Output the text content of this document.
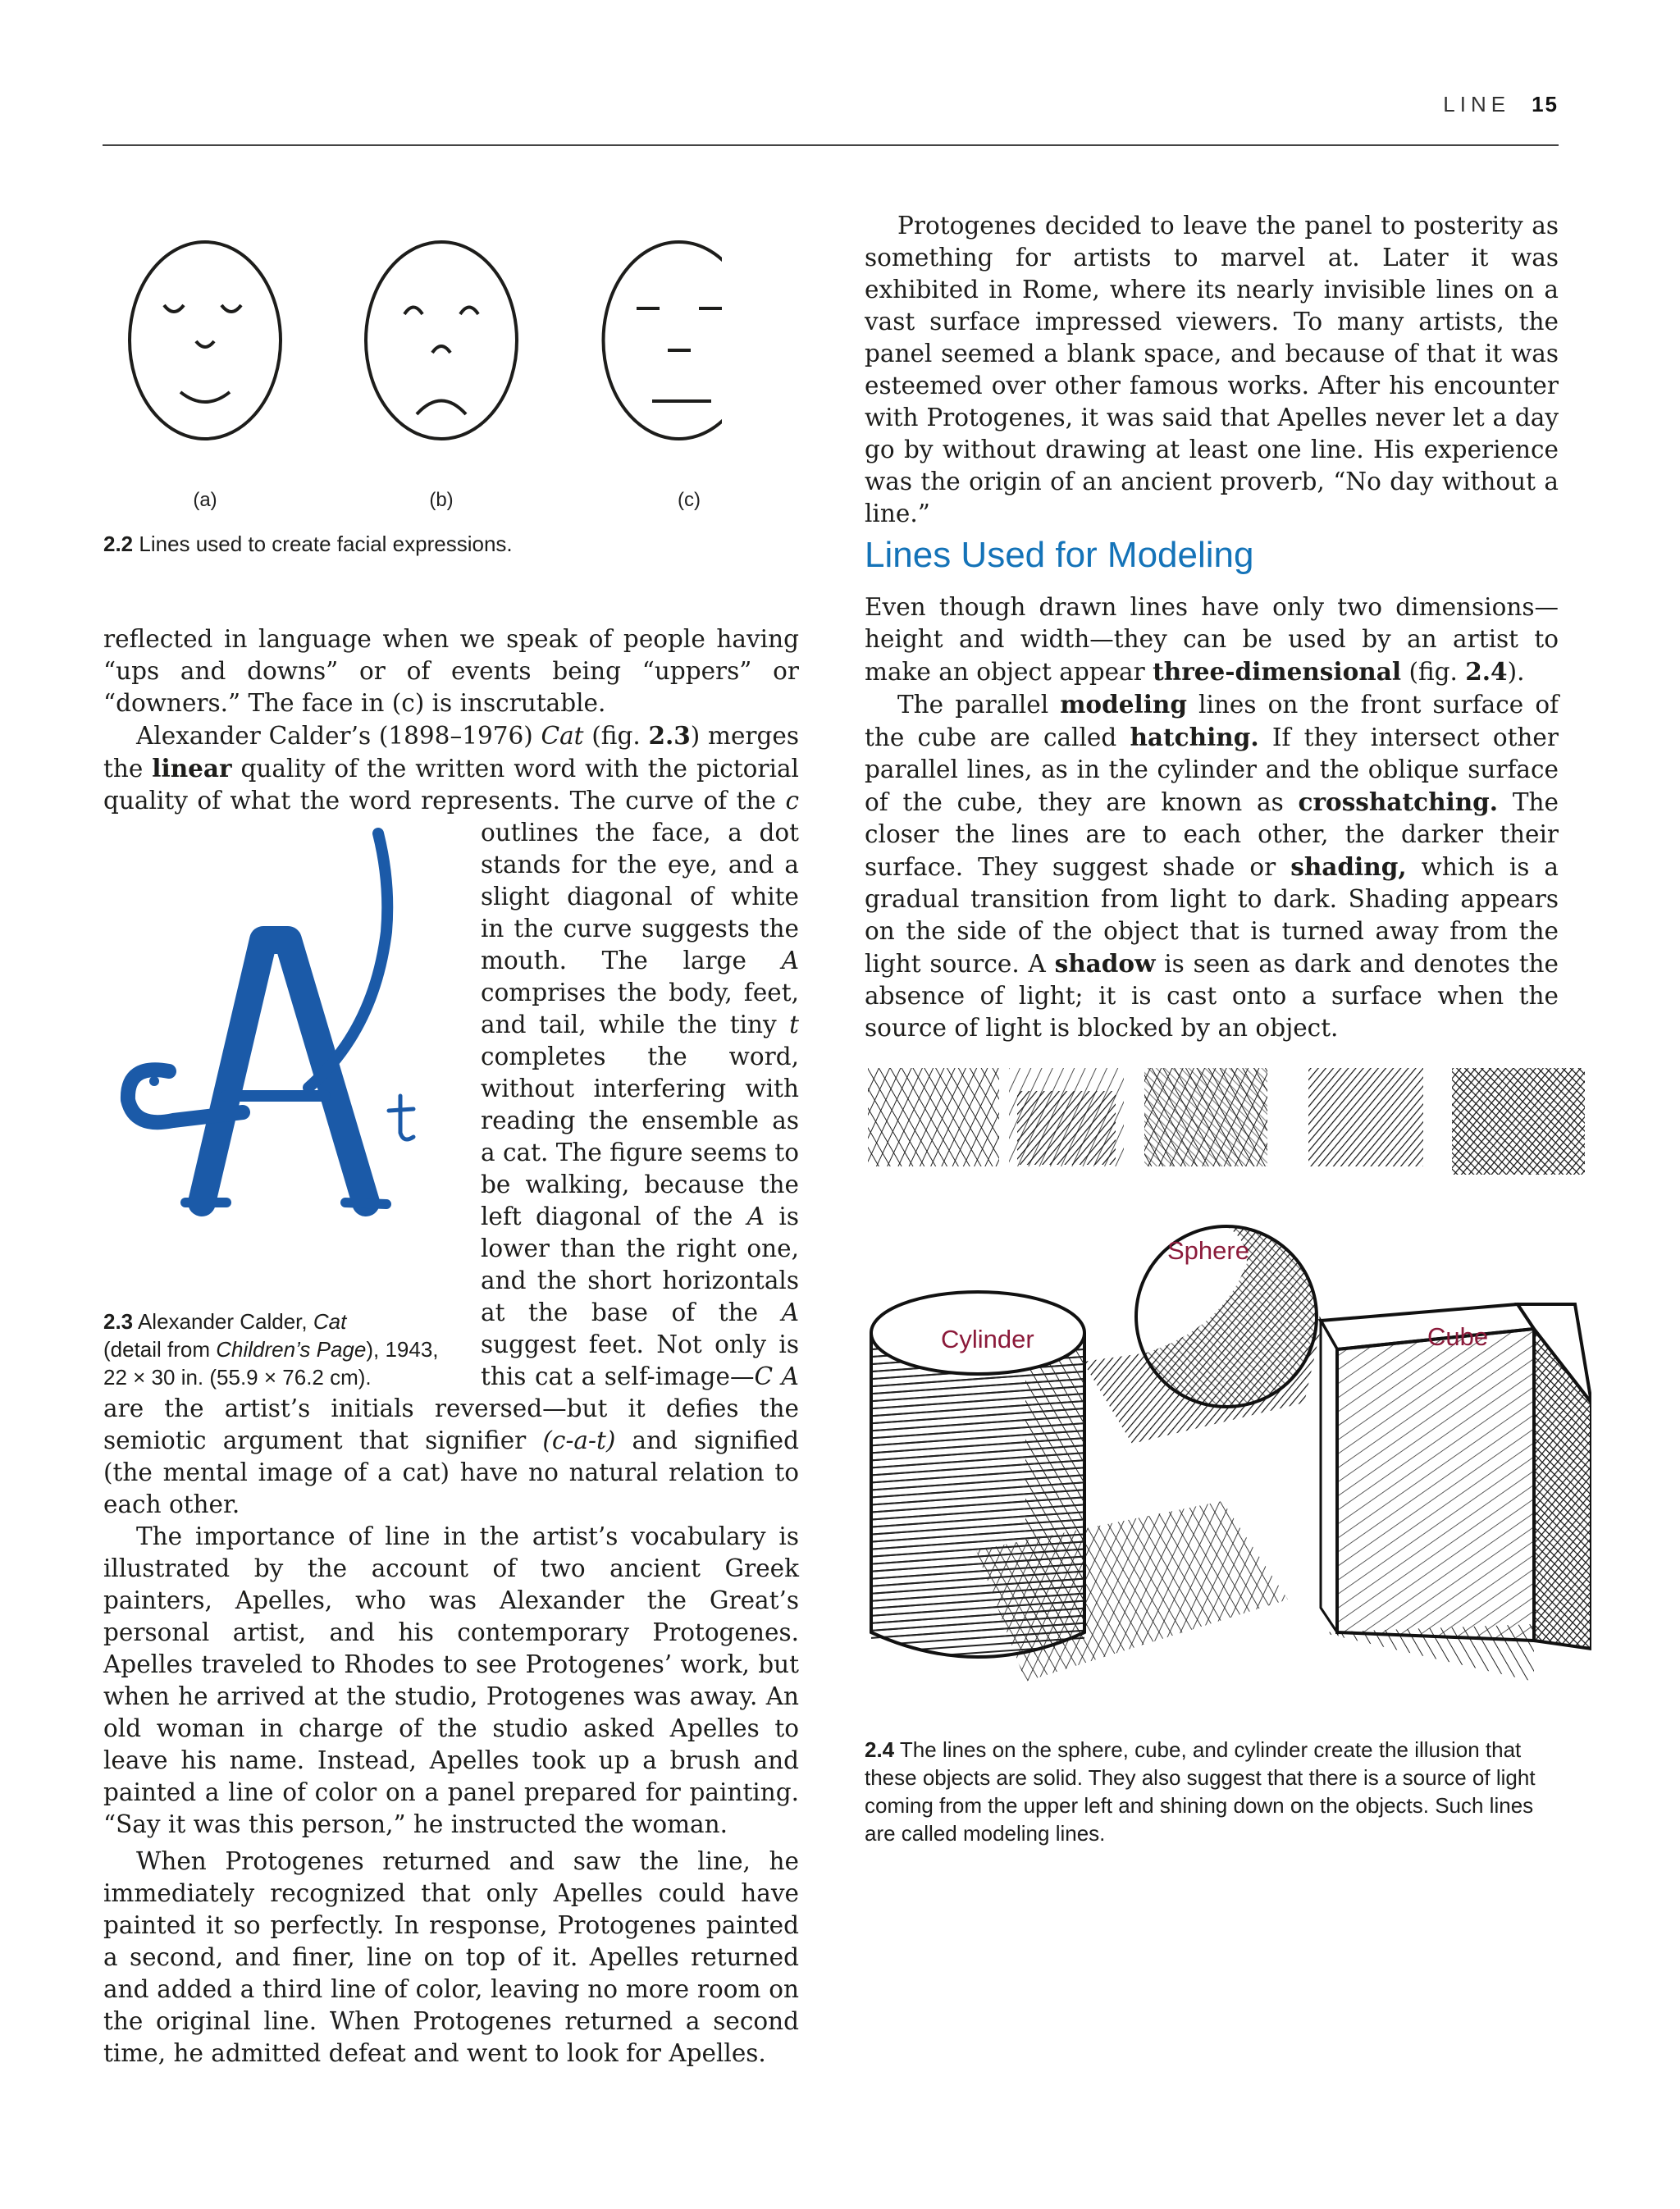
LINE 15
(a)	(b)	(c)
2.2 Lines used to create facial expressions.

reflected in language when we speak of people having “ups and downs” or of events being “uppers” or “downers.” The face in (c) is inscrutable.

Alexander Calder’s (1898–1976) Cat (fig. 2.3) merges the linear quality of the written word with the pictorial quality of what the word represents. The curve of the c
2.3 Alexander Calder, Cat
(detail from Children’s Page), 1943, 22 × 30 in. (55.9 × 76.2 cm).
outlines the face, a dot stands for the eye, and a slight diagonal of white in the curve suggests the mouth. The large A comprises the body, feet, and tail, while the tiny t completes the word, without interfering with reading the ensemble as a cat. The figure seems to be walking, because the left diagonal of the A is lower than the right one, and the short horizontals at the base of the A suggest feet. Not only is this cat a self-image—C A are the artist’s initials reversed—but it defies the semiotic argument that signifier (c-a-t) and signified (the mental image of a cat) have no natural relation to each other.

The importance of line in the artist’s vocabulary is illustrated by the account of two ancient Greek painters, Apelles, who was Alexander the Great’s personal artist, and his contemporary Protogenes. Apelles traveled to Rhodes to see Protogenes’ work, but when he arrived at the studio, Protogenes was away. An old woman in charge of the studio asked Apelles to leave his name. Instead, Apelles took up a brush and painted a line of color on a panel prepared for painting. “Say it was this person,” he instructed the woman.

When Protogenes returned and saw the line, he immediately recognized that only Apelles could have painted it so perfectly. In response, Protogenes painted a second, and finer, line on top of it. Apelles returned and added a third line of color, leaving no more room on the original line. When Protogenes returned a second time, he admitted defeat and went to look for Apelles.

Protogenes decided to leave the panel to posterity as something for artists to marvel at. Later it was exhibited in Rome, where its nearly invisible lines on a vast surface impressed viewers. To many artists, the panel seemed a blank space, and because of that it was esteemed over other famous works. After his encounter with Protogenes, it was said that Apelles never let a day go by without drawing at least one line. His experience was the origin of an ancient proverb, “No day without a line.”

Lines Used for Modeling

Even though drawn lines have only two dimensions—height and width—they can be used by an artist to make an object appear three-dimensional (fig. 2.4).

The parallel modeling lines on the front surface of the cube are called hatching. If they intersect other parallel lines, as in the cylinder and the oblique surface of the cube, they are known as crosshatching. The closer the lines are to each other, the darker their surface. They suggest shade or shading, which is a gradual transition from light to dark. Shading appears on the side of the object that is turned away from the light source. A shadow is seen as dark and denotes the absence of light; it is cast onto a surface when the source of light is blocked by an object.

Sphere
Cylinder	Cube
2.4 The lines on the sphere, cube, and cylinder create the illusion that these objects are solid. They also suggest that there is a source of light coming from the upper left and shining down on the objects. Such lines are called modeling lines.
